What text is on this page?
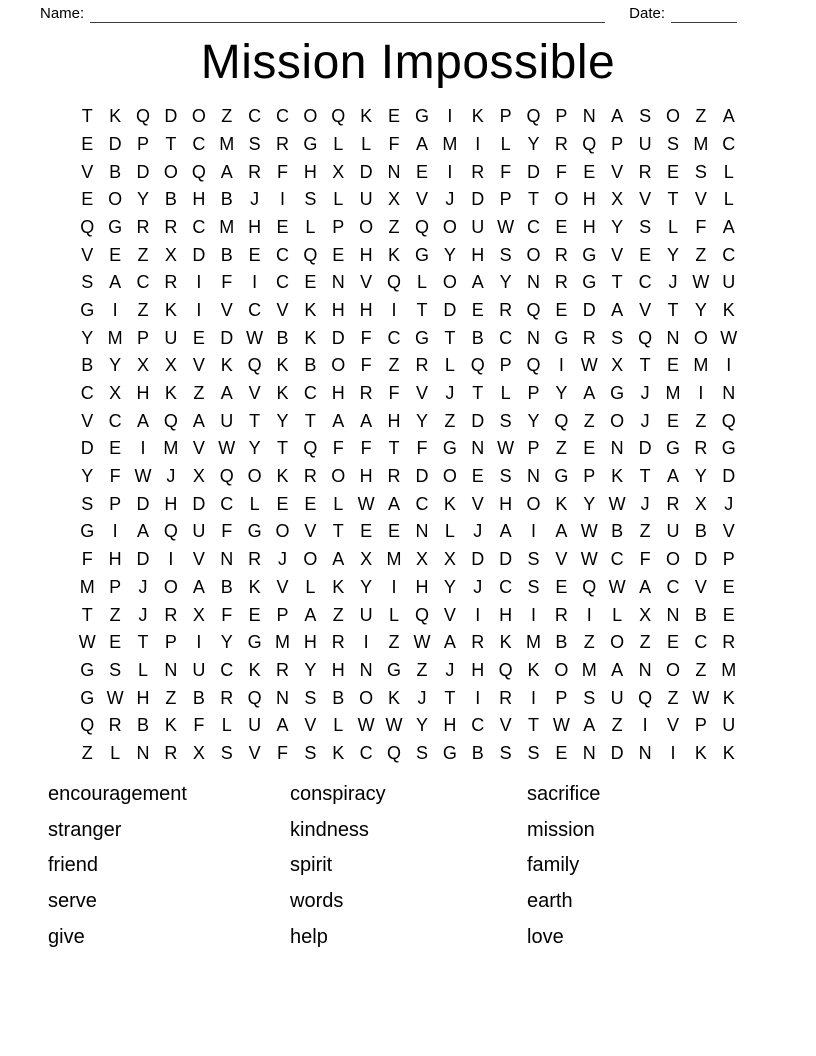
Name:	Date:
Mission Impossible
T K Q D O Z C C O Q K E G	I	K P Q P N A S O Z A
E D P T C M S R G L L F A M I	L Y R Q P U S M C
V B D O Q A R F H X D N E	I	R F D F E V R E S L
E O Y B H B J	I	S L U X V J D P T O H X V T V L
Q G R R C M H E L P O Z Q O U W C E H Y S L F A
V E Z X D B E C Q E H K G Y H S O R G V E Y Z C
S A C R	I	F	I	C E N V Q L O A Y N R G T C J W U
G	I	Z K	I	V C V K H H	I	T D E R Q E D A V T Y K
Y M P U E D W B K D F C G T B C N G R S Q N O W
B Y X X V K Q K B O F Z R L Q P Q	I W X T E M I
C X H K Z A V K C H R F V J T L P Y A G J M I	N
V C A Q A U T Y T A A H Y Z D S Y Q Z O J E Z Q
D E	I M V W Y T Q F F T F G N W P Z E N D G R G
Y F W J X Q O K R O H R D O E S N G P K T A Y D
S P D H D C L E E L W A C K V H O K Y W J R X J
G	I	A Q U F G O V T E E N L	J A	I	A W B Z U B V
F H D	I	V N R J O A X M X X D D S V W C F O D P
M P J O A B K V L K Y	I	H Y J C S E Q W A C V E
T Z J R X F E P A Z U L Q V	I	H	I	R	I	L X N B E
W E T P	I	Y G M H R	I	Z W A R K M B Z O Z E C R
G S L N U C K R Y H N G Z J H Q K O M A N O Z M
G W H Z B R Q N S B O K J T	I	R	I	P S U Q Z W K
Q R B K F L U A V L W W Y H C V T W A Z	I	V P U
Z L N R X S V F S K C Q S G B S S E N D N	I	K K
encouragement
stranger
friend
serve
give
conspiracy
kindness
spirit
words
help
sacrifice
mission
family
earth
love
